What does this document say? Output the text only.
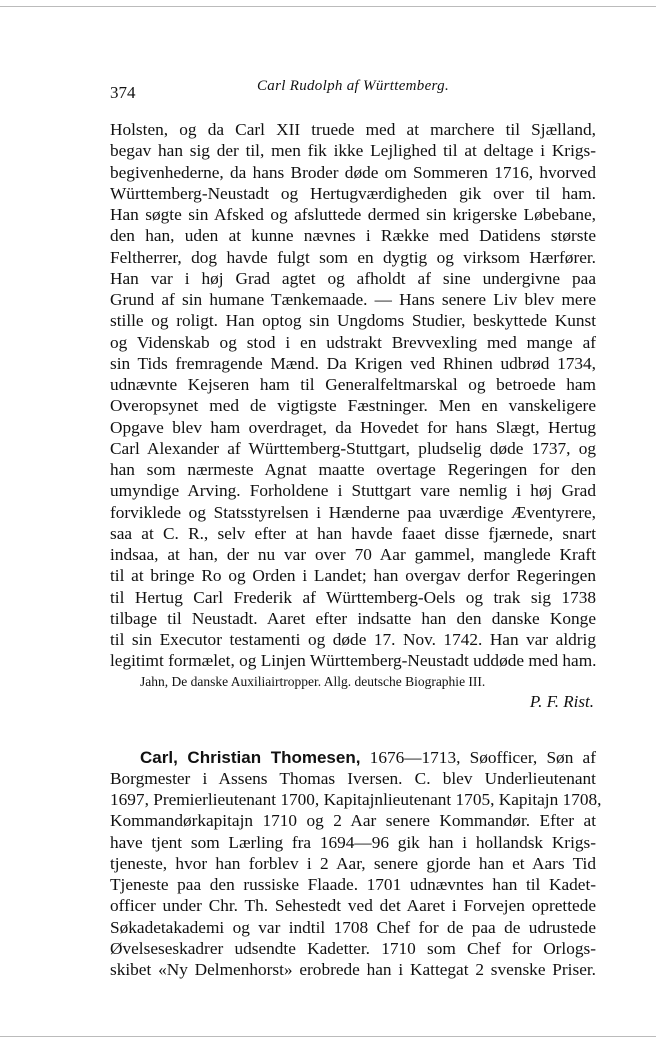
374	Carl Rudolph af Württemberg.
Holsten, og da Carl XII truede med at marchere til Sjælland,
begav han sig der til, men fik ikke Lejlighed til at deltage i Krigs-
begivenhederne, da hans Broder døde om Sommeren 1716, hvorved
Württemberg-Neustadt og Hertugværdigheden gik over til ham.
Han søgte sin Afsked og afsluttede dermed sin krigerske Løbebane,
den han, uden at kunne nævnes i Række med Datidens største
Feltherrer, dog havde fulgt som en dygtig og virksom Hærfører.
Han var i høj Grad agtet og afholdt af sine undergivne paa
Grund af sin humane Tænkemaade. — Hans senere Liv blev mere
stille og roligt. Han optog sin Ungdoms Studier, beskyttede Kunst
og Videnskab og stod i en udstrakt Brevvexling med mange af
sin Tids fremragende Mænd. Da Krigen ved Rhinen udbrød 1734,
udnævnte Kejseren ham til Generalfeltmarskal og betroede ham
Overopsynet med de vigtigste Fæstninger. Men en vanskeligere
Opgave blev ham overdraget, da Hovedet for hans Slægt, Hertug
Carl Alexander af Württemberg-Stuttgart, pludselig døde 1737, og
han som nærmeste Agnat maatte overtage Regeringen for den
umyndige Arving. Forholdene i Stuttgart vare nemlig i høj Grad
forviklede og Statsstyrelsen i Hænderne paa uværdige Æventyrere,
saa at C. R., selv efter at han havde faaet disse fjærnede, snart
indsaa, at han, der nu var over 70 Aar gammel, manglede Kraft
til at bringe Ro og Orden i Landet; han overgav derfor Regeringen
til Hertug Carl Frederik af Württemberg-Oels og trak sig 1738
tilbage til Neustadt. Aaret efter indsatte han den danske Konge
til sin Executor testamenti og døde 17. Nov. 1742. Han var aldrig
legitimt formælet, og Linjen Württemberg-Neustadt uddøde med ham.
Jahn, De danske Auxiliairtropper. Allg. deutsche Biographie III.
P. F. Rist.
Carl, Christian Thomesen, 1676—1713, Søofficer, Søn af
Borgmester i Assens Thomas Iversen. C. blev Underlieutenant
1697, Premierlieutenant 1700, Kapitajnlieutenant 1705, Kapitajn 1708,
Kommandørkapitajn 1710 og 2 Aar senere Kommandør. Efter at
have tjent som Lærling fra 1694—96 gik han i hollandsk Krigs-
tjeneste, hvor han forblev i 2 Aar, senere gjorde han et Aars Tid
Tjeneste paa den russiske Flaade. 1701 udnævntes han til Kadet-
officer under Chr. Th. Sehestedt ved det Aaret i Forvejen oprettede
Søkadetakademi og var indtil 1708 Chef for de paa de udrustede
Øvelseseskadrer udsendte Kadetter. 1710 som Chef for Orlogs-
skibet «Ny Delmenhorst» erobrede han i Kattegat 2 svenske Priser.
